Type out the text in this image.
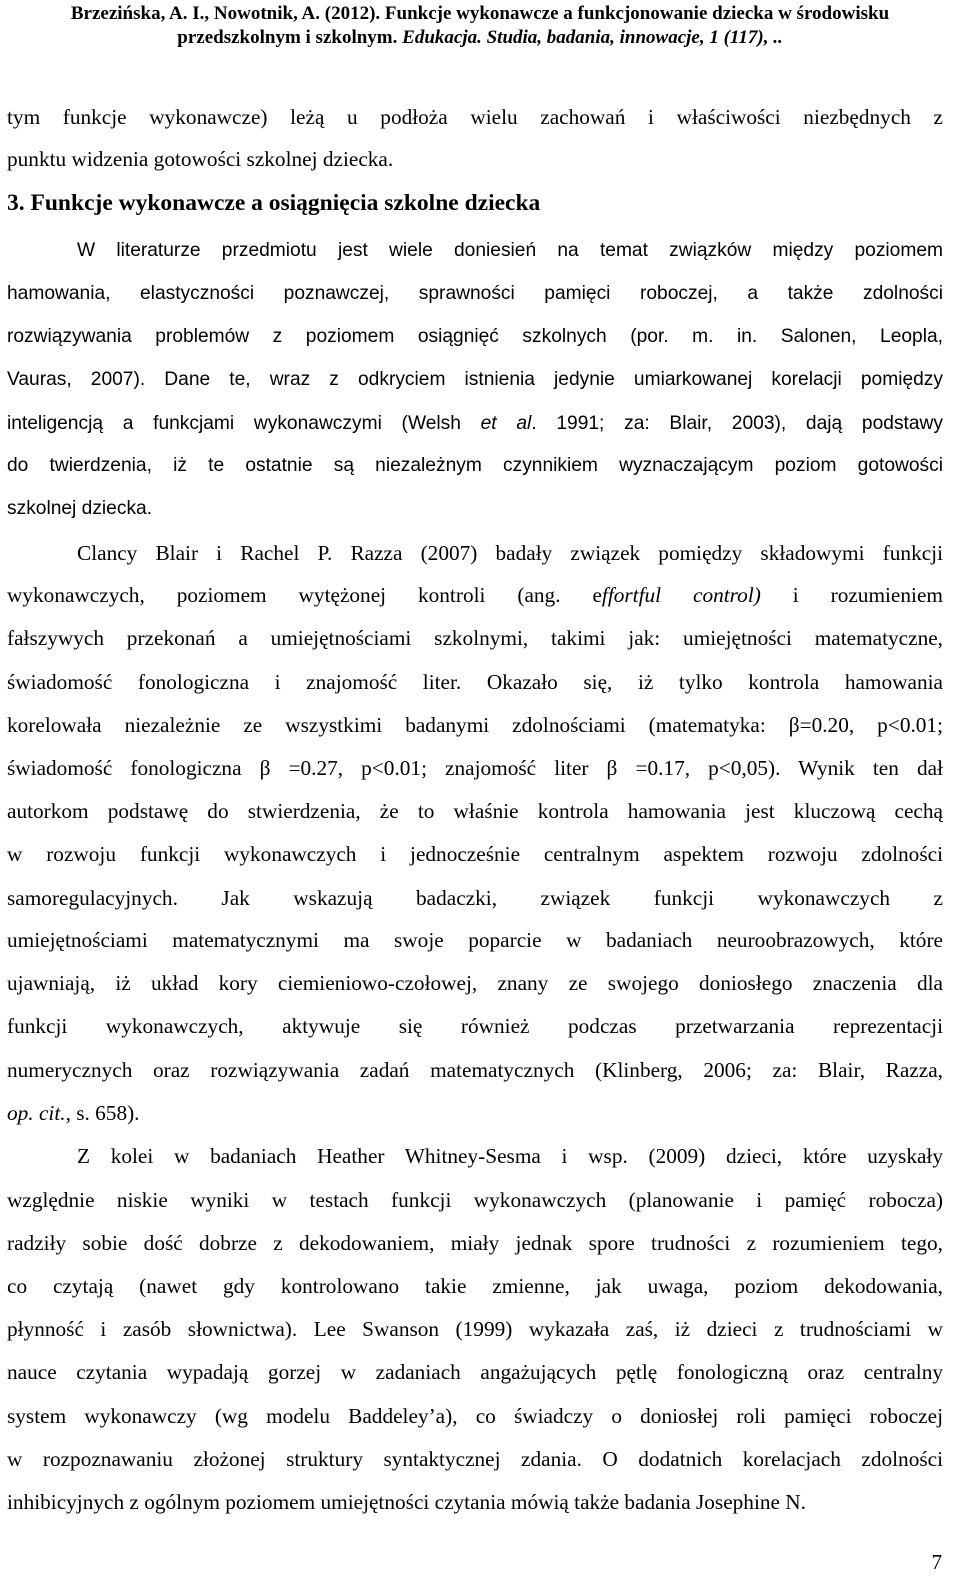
Brzezińska, A. I., Nowotnik, A. (2012). Funkcje wykonawcze a funkcjonowanie dziecka w środowisku
przedszkolnym i szkolnym. Edukacja. Studia, badania, innowacje, 1 (117), ..
tym funkcje wykonawcze) leżą u podłoża wielu zachowań i właściwości niezbędnych z
punktu widzenia gotowości szkolnej dziecka.
3. Funkcje wykonawcze a osiągnięcia szkolne dziecka
W literaturze przedmiotu jest wiele doniesień na temat związków między poziomem
hamowania, elastyczności poznawczej, sprawności pamięci roboczej, a także zdolności
rozwiązywania problemów z poziomem osiągnięć szkolnych (por. m. in. Salonen, Leopla,
Vauras, 2007). Dane te, wraz z odkryciem istnienia jedynie umiarkowanej korelacji pomiędzy
inteligencją a funkcjami wykonawczymi (Welsh et al. 1991; za: Blair, 2003), dają podstawy
do twierdzenia, iż te ostatnie są niezależnym czynnikiem wyznaczającym poziom gotowości
szkolnej dziecka.
Clancy Blair i Rachel P. Razza (2007) badały związek pomiędzy składowymi funkcji
wykonawczych, poziomem wytężonej kontroli (ang. effortful control) i rozumieniem
fałszywych przekonań a umiejętnościami szkolnymi, takimi jak: umiejętności matematyczne,
świadomość fonologiczna i znajomość liter. Okazało się, iż tylko kontrola hamowania
korelowała niezależnie ze wszystkimi badanymi zdolnościami (matematyka: β=0.20, p<0.01;
świadomość fonologiczna β =0.27, p<0.01; znajomość liter β =0.17, p<0,05). Wynik ten dał
autorkom podstawę do stwierdzenia, że to właśnie kontrola hamowania jest kluczową cechą
w rozwoju funkcji wykonawczych i jednocześnie centralnym aspektem rozwoju zdolności
samoregulacyjnych. Jak wskazują badaczki, związek funkcji wykonawczych z
umiejętnościami matematycznymi ma swoje poparcie w badaniach neuroobrazowych, które
ujawniają, iż układ kory ciemieniowo-czołowej, znany ze swojego doniosłego znaczenia dla
funkcji wykonawczych, aktywuje się również podczas przetwarzania reprezentacji
numerycznych oraz rozwiązywania zadań matematycznych (Klinberg, 2006; za: Blair, Razza,
op. cit., s. 658).
Z kolei w badaniach Heather Whitney-Sesma i wsp. (2009) dzieci, które uzyskały
względnie niskie wyniki w testach funkcji wykonawczych (planowanie i pamięć robocza)
radziły sobie dość dobrze z dekodowaniem, miały jednak spore trudności z rozumieniem tego,
co czytają (nawet gdy kontrolowano takie zmienne, jak uwaga, poziom dekodowania,
płynność i zasób słownictwa). Lee Swanson (1999) wykazała zaś, iż dzieci z trudnościami w
nauce czytania wypadają gorzej w zadaniach angażujących pętlę fonologiczną oraz centralny
system wykonawczy (wg modelu Baddeley’a), co świadczy o doniosłej roli pamięci roboczej
w rozpoznawaniu złożonej struktury syntaktycznej zdania. O dodatnich korelacjach zdolności
inhibicyjnych z ogólnym poziomem umiejętności czytania mówią także badania Josephine N.
7
